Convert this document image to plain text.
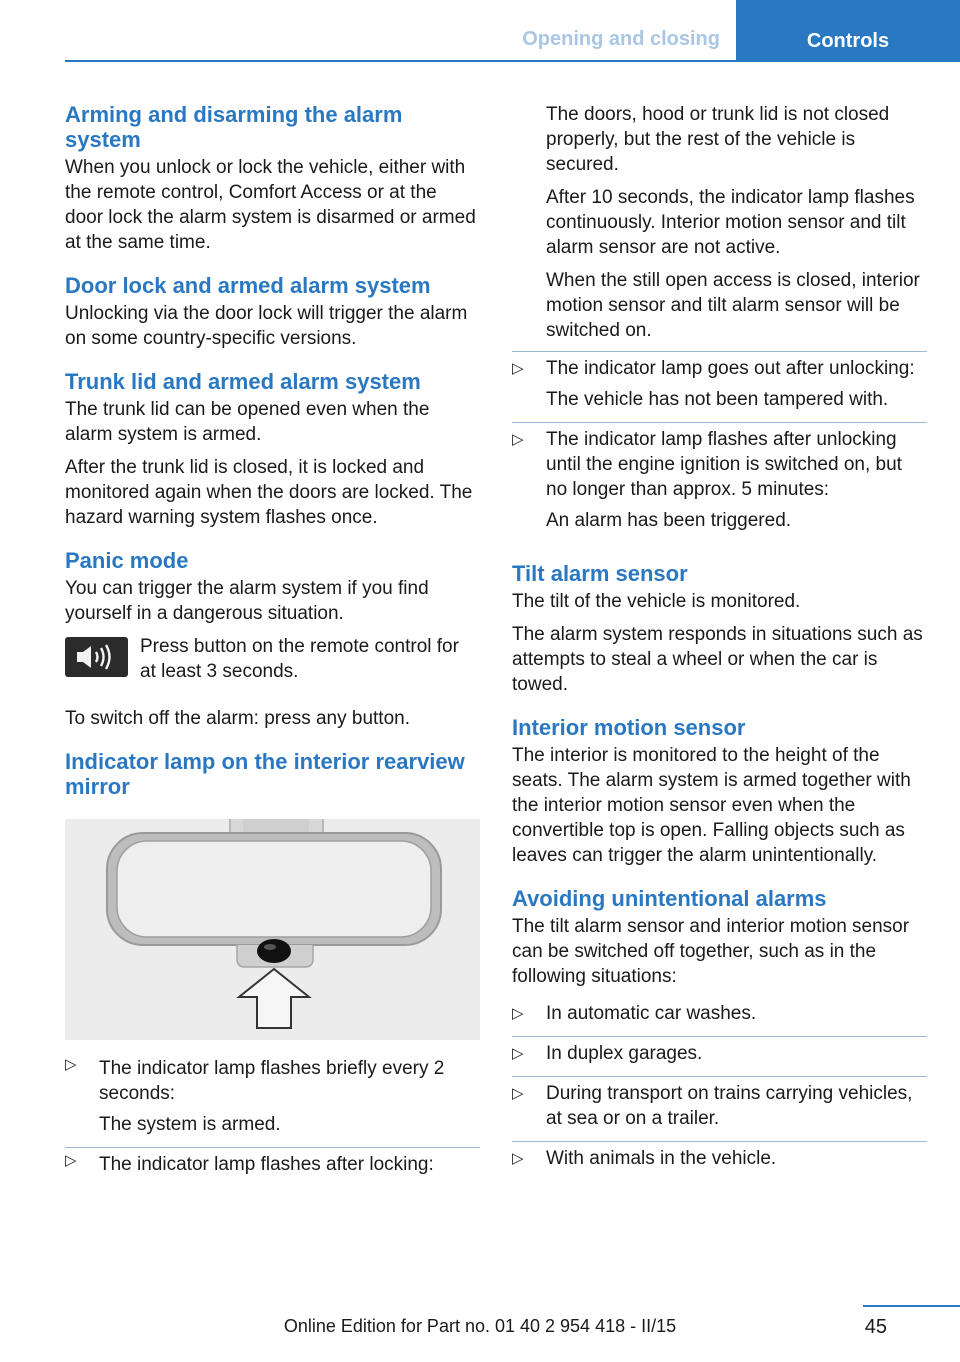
Opening and closing	Controls
Arming and disarming the alarm system

When you unlock or lock the vehicle, either with the remote control, Comfort Access or at the door lock the alarm system is disarmed or armed at the same time.

Door lock and armed alarm system

Unlocking via the door lock will trigger the alarm on some country-specific versions.

Trunk lid and armed alarm system

The trunk lid can be opened even when the alarm system is armed.

After the trunk lid is closed, it is locked and monitored again when the doors are locked. The hazard warning system flashes once.

Panic mode

You can trigger the alarm system if you find yourself in a dangerous situation.

Press button on the remote control for at least 3 seconds.

To switch off the alarm: press any button.

Indicator lamp on the interior rearview mirror
▷ The indicator lamp flashes briefly every 2 seconds:

The system is armed.

▷ The indicator lamp flashes after locking:

The doors, hood or trunk lid is not closed properly, but the rest of the vehicle is secured.

After 10 seconds, the indicator lamp flashes continuously. Interior motion sensor and tilt alarm sensor are not active.

When the still open access is closed, interior motion sensor and tilt alarm sensor will be switched on.

▷ The indicator lamp goes out after unlocking:

The vehicle has not been tampered with.

▷ The indicator lamp flashes after unlocking until the engine ignition is switched on, but no longer than approx. 5 minutes:

An alarm has been triggered.

Tilt alarm sensor

The tilt of the vehicle is monitored.

The alarm system responds in situations such as attempts to steal a wheel or when the car is towed.

Interior motion sensor

The interior is monitored to the height of the seats. The alarm system is armed together with the interior motion sensor even when the convertible top is open. Falling objects such as leaves can trigger the alarm unintentionally.

Avoiding unintentional alarms

The tilt alarm sensor and interior motion sensor can be switched off together, such as in the following situations:

▷ In automatic car washes.

▷ In duplex garages.

▷ During transport on trains carrying vehicles, at sea or on a trailer.

▷ With animals in the vehicle.

45
Online Edition for Part no. 01 40 2 954 418 - II/15
